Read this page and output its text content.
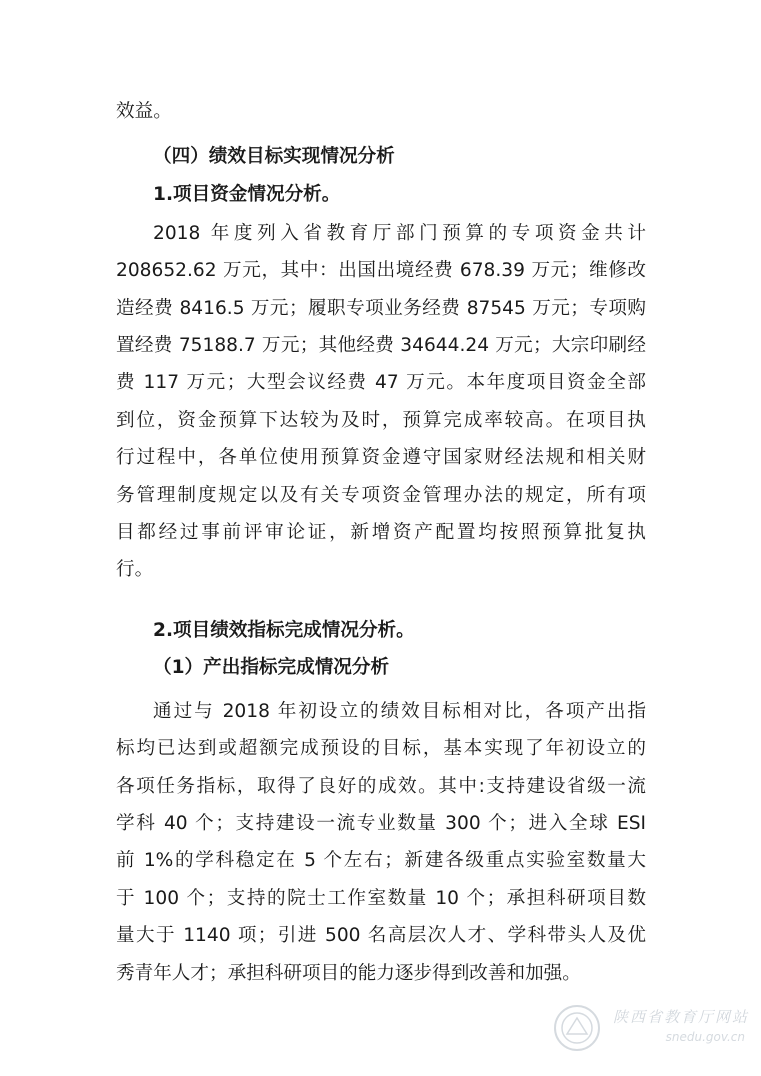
效益。
（四）绩效目标实现情况分析
1.项目资金情况分析。
2018 年度列入省教育厅部门预算的专项资金共计
208652.62 万元，其中：出国出境经费 678.39 万元；维修改
造经费 8416.5 万元；履职专项业务经费 87545 万元；专项购
置经费 75188.7 万元；其他经费 34644.24 万元；大宗印刷经
费 117 万元；大型会议经费 47 万元。本年度项目资金全部
到位，资金预算下达较为及时，预算完成率较高。在项目执
行过程中，各单位使用预算资金遵守国家财经法规和相关财
务管理制度规定以及有关专项资金管理办法的规定，所有项
目都经过事前评审论证，新增资产配置均按照预算批复执
行。
2.项目绩效指标完成情况分析。
（1）产出指标完成情况分析
通过与 2018 年初设立的绩效目标相对比，各项产出指
标均已达到或超额完成预设的目标，基本实现了年初设立的
各项任务指标，取得了良好的成效。其中:支持建设省级一流
学科 40 个；支持建设一流专业数量 300 个；进入全球 ESI
前 1%的学科稳定在 5 个左右；新建各级重点实验室数量大
于 100 个；支持的院士工作室数量 10 个；承担科研项目数
量大于 1140 项；引进 500 名高层次人才、学科带头人及优
秀青年人才；承担科研项目的能力逐步得到改善和加强。
陕西省教育厅网站
snedu.gov.cn
